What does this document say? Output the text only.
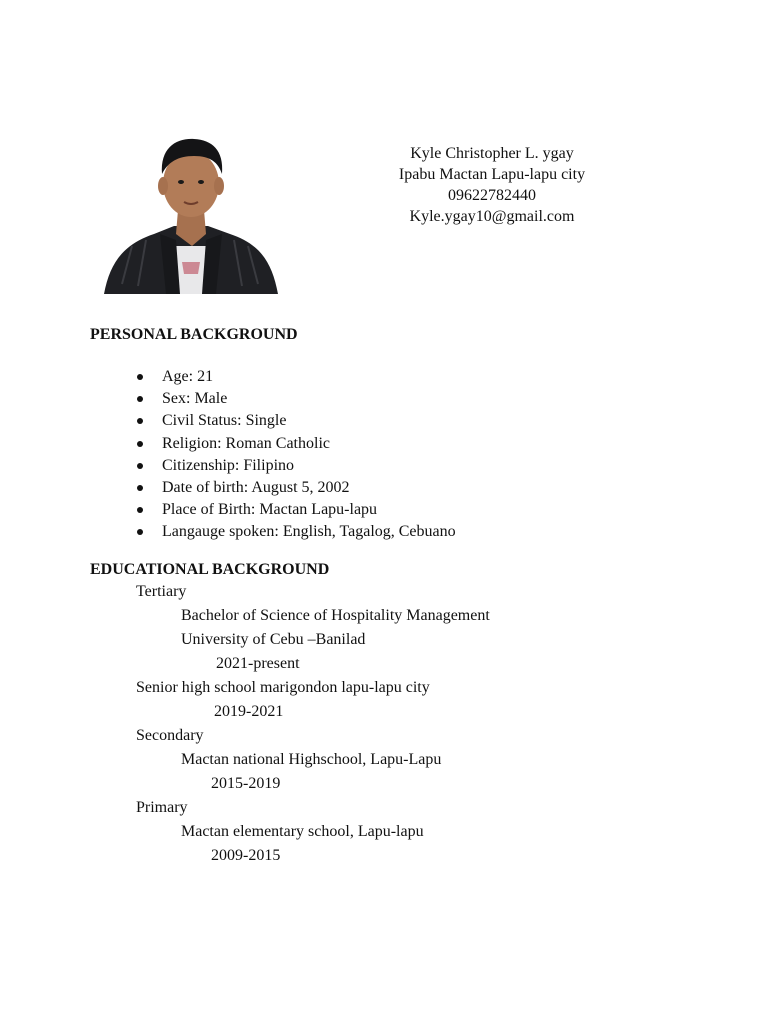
Kyle Christopher L. ygay
Ipabu Mactan Lapu-lapu city
09622782440
Kyle.ygay10@gmail.com
PERSONAL BACKGROUND
Age: 21
Sex: Male
Civil Status: Single
Religion: Roman Catholic
Citizenship: Filipino
Date of birth: August 5, 2002
Place of Birth: Mactan Lapu-lapu
Langauge spoken: English, Tagalog, Cebuano
EDUCATIONAL BACKGROUND
Tertiary
Bachelor of Science of Hospitality Management
University of Cebu –Banilad
2021-present
Senior high school marigondon lapu-lapu city
2019-2021
Secondary
Mactan national Highschool, Lapu-Lapu
2015-2019
Primary
Mactan elementary school, Lapu-lapu
2009-2015
